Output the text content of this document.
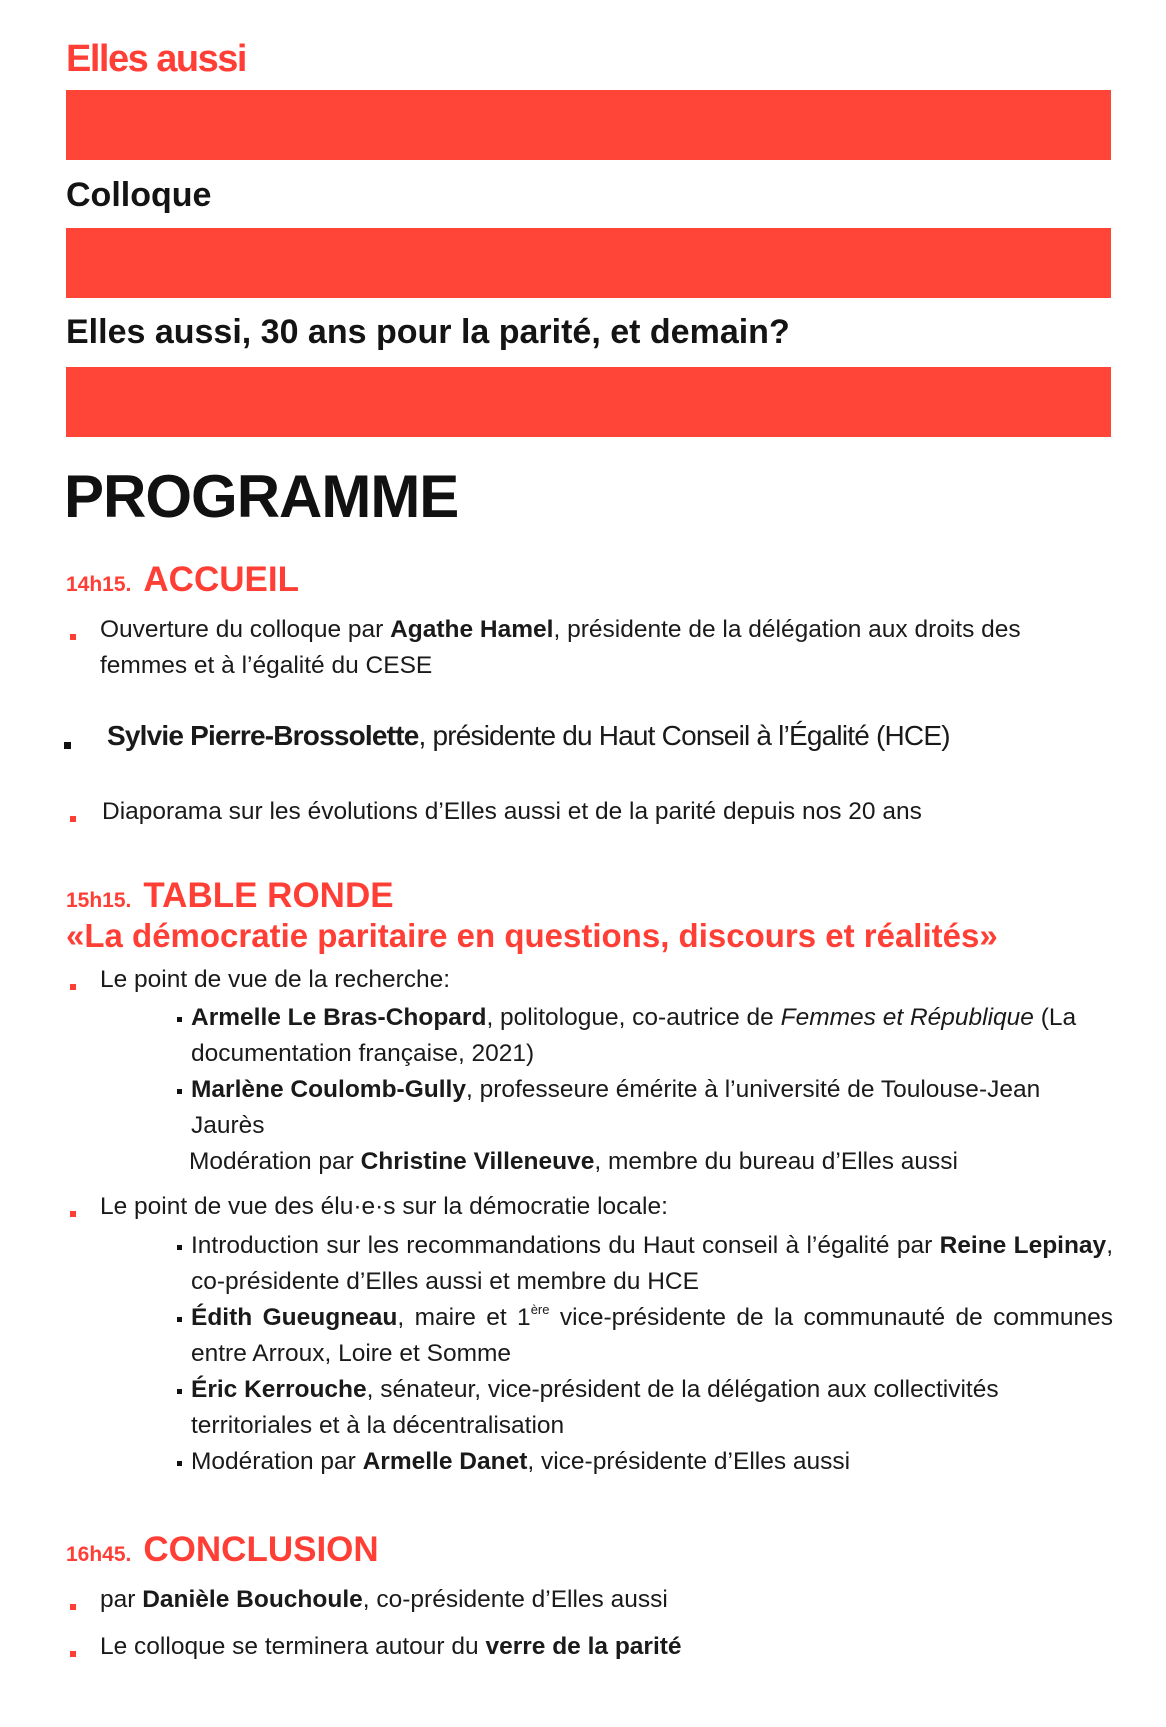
Elles aussi
Colloque
Elles aussi, 30 ans pour la parité, et demain?
PROGRAMME
14h15. ACCUEIL
Ouverture du colloque par Agathe Hamel, présidente de la délégation aux droits des femmes et à l’égalité du CESE
Sylvie Pierre-Brossolette, présidente du Haut Conseil à l’Égalité (HCE)
Diaporama sur les évolutions d’Elles aussi et de la parité depuis nos 20 ans
15h15. TABLE RONDE
«La démocratie paritaire en questions, discours et réalités»
Le point de vue de la recherche:
Armelle Le Bras-Chopard, politologue, co-autrice de Femmes et République (La documentation française, 2021)
Marlène Coulomb-Gully, professeure émérite à l’université de Toulouse-Jean Jaurès
Modération par Christine Villeneuve, membre du bureau d’Elles aussi
Le point de vue des élu·e·s sur la démocratie locale:
Introduction sur les recommandations du Haut conseil à l’égalité par Reine Lepinay, co-présidente d’Elles aussi et membre du HCE
Édith Gueugneau, maire et 1ère vice-présidente de la communauté de communes entre Arroux, Loire et Somme
Éric Kerrouche, sénateur, vice-président de la délégation aux collectivités territoriales et à la décentralisation
Modération par Armelle Danet, vice-présidente d’Elles aussi
16h45. CONCLUSION
par Danièle Bouchoule, co-présidente d’Elles aussi
Le colloque se terminera autour du verre de la parité
